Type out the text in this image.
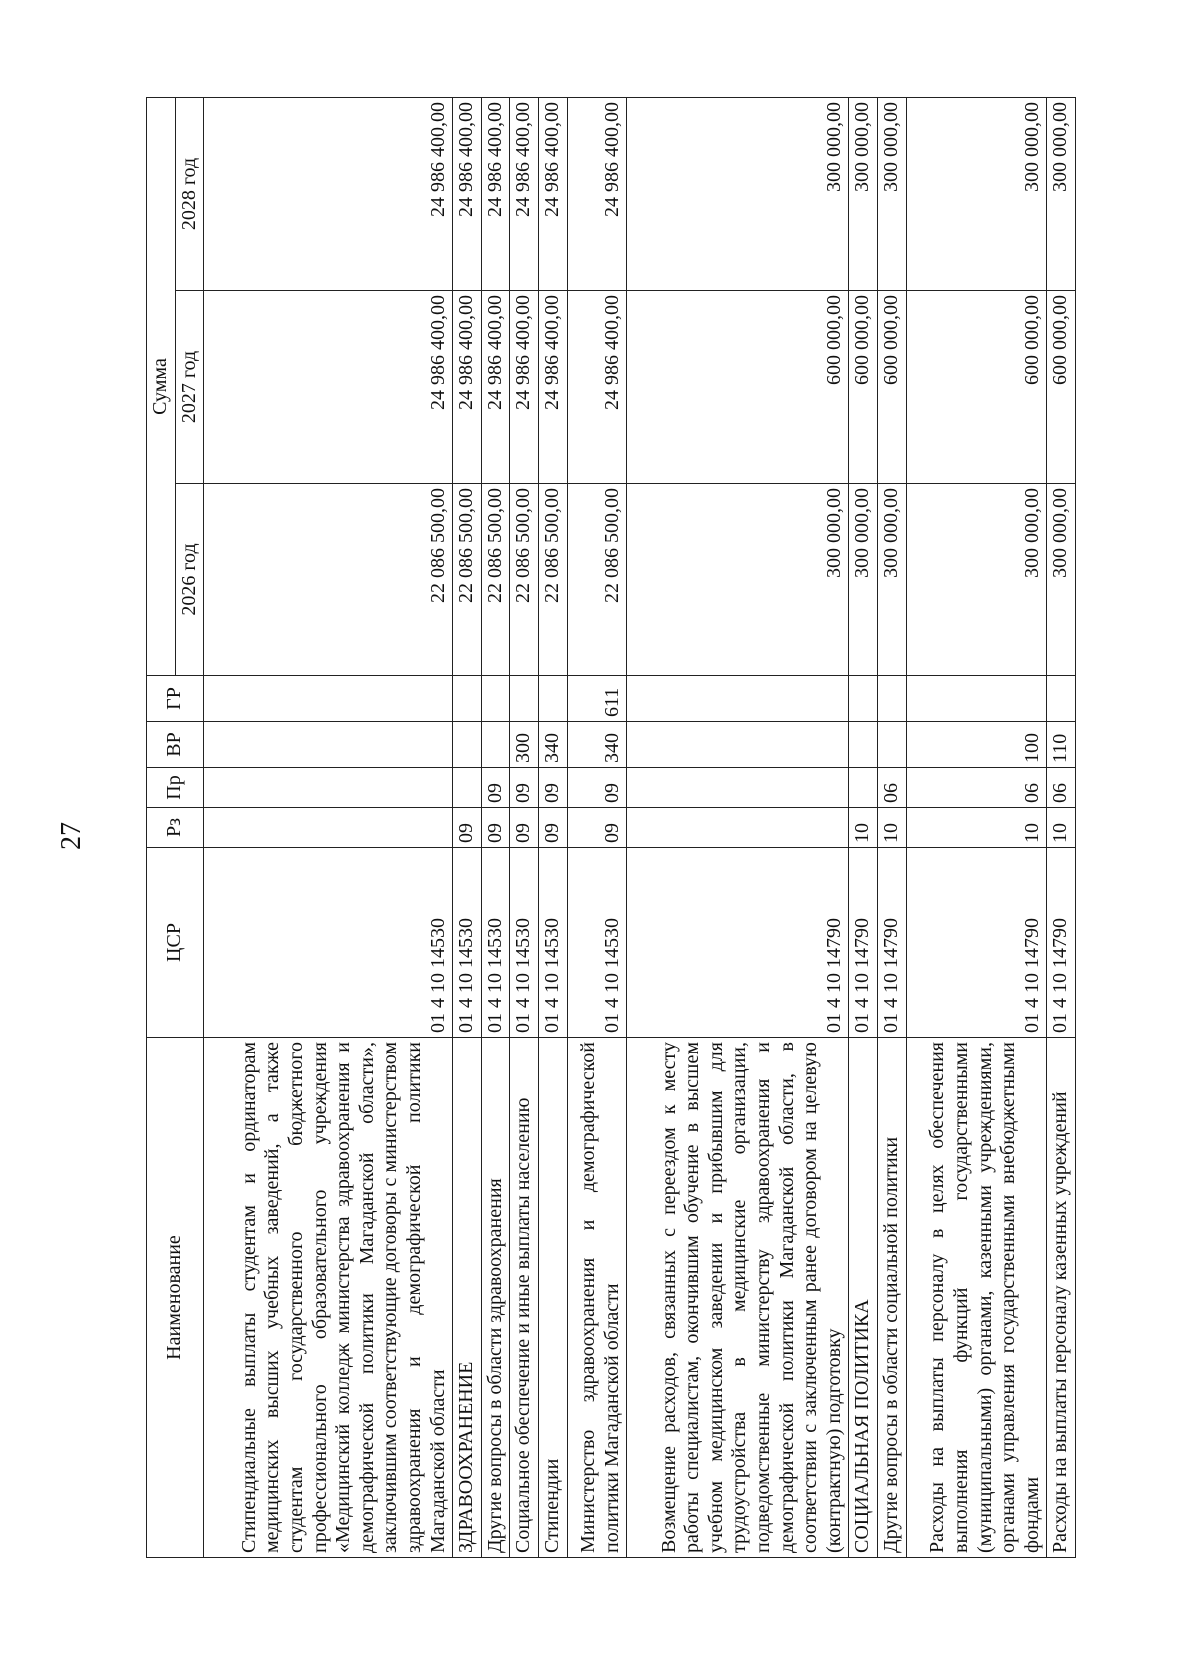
27
Наименование	ЦСР	Рз	Пр	ВР	ГР	Сумма		
						2026 год	2027 год	2028 год
Стипендиальные выплаты студентам и ординаторам медицинских высших учебных заведений, а также студентам государственного бюджетного профессионального образовательного учреждения «Медицинский колледж министерства здравоохранения и демографической политики Магаданской области», заключившим соответствующие договоры с министерством здравоохранения и демографической политики Магаданской области	01 4 10 14530					22 086 500,00	24 986 400,00	24 986 400,00
ЗДРАВООХРАНЕНИЕ	01 4 10 14530	09				22 086 500,00	24 986 400,00	24 986 400,00
Другие вопросы в области здравоохранения	01 4 10 14530	09	09			22 086 500,00	24 986 400,00	24 986 400,00
Социальное обеспечение и иные выплаты населению	01 4 10 14530	09	09	300		22 086 500,00	24 986 400,00	24 986 400,00
Стипендии	01 4 10 14530	09	09	340		22 086 500,00	24 986 400,00	24 986 400,00
Министерство здравоохранения и демографической политики Магаданской области	01 4 10 14530	09	09	340	611	22 086 500,00	24 986 400,00	24 986 400,00
Возмещение расходов, связанных с переездом к месту работы специалистам, окончившим обучение в высшем учебном медицинском заведении и прибывшим для трудоустройства в медицинские организации, подведомственные министерству здравоохранения и демографической политики Магаданской области, в соответствии с заключенным ранее договором на целевую (контрактную) подготовку	01 4 10 14790					300 000,00	600 000,00	300 000,00
СОЦИАЛЬНАЯ ПОЛИТИКА	01 4 10 14790	10				300 000,00	600 000,00	300 000,00
Другие вопросы в области социальной политики	01 4 10 14790	10	06			300 000,00	600 000,00	300 000,00
Расходы на выплаты персоналу в целях обеспечения выполнения функций государственными (муниципальными) органами, казенными учреждениями, органами управления государственными внебюджетными фондами	01 4 10 14790	10	06	100		300 000,00	600 000,00	300 000,00
Расходы на выплаты персоналу казенных учреждений	01 4 10 14790	10	06	110		300 000,00	600 000,00	300 000,00
